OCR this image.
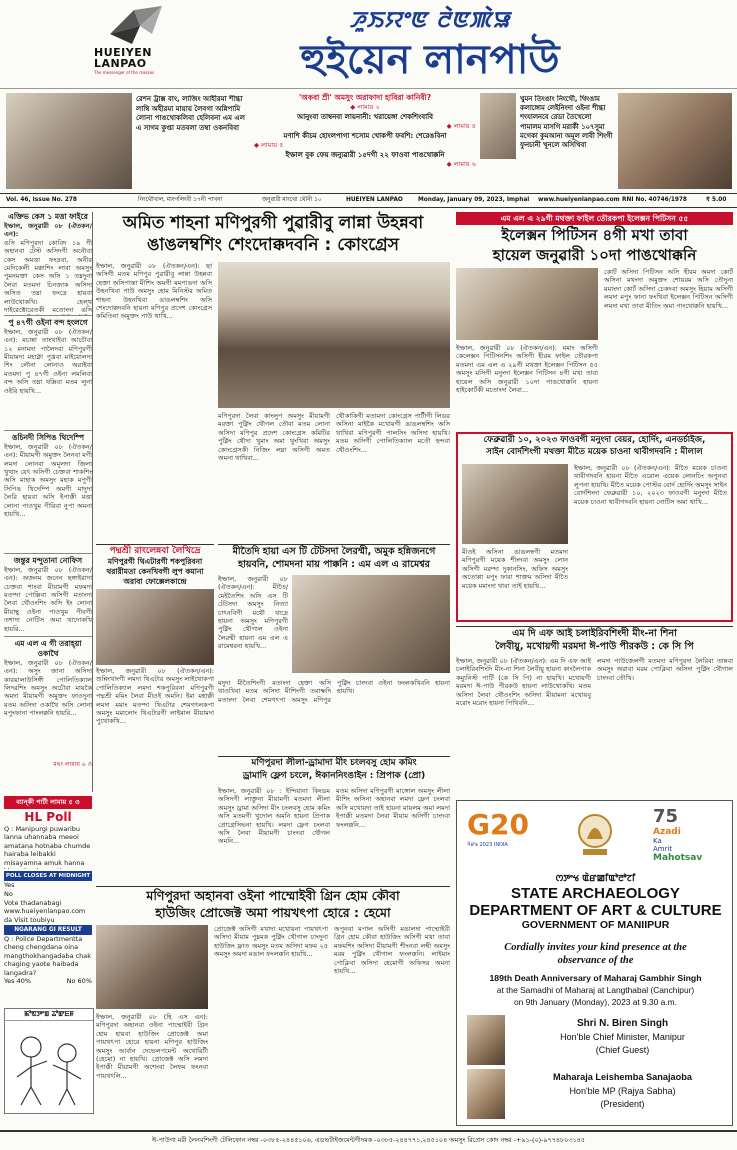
HUEIYEN
LANPAO
The messenger of the masses
ꯍꯨꯏꯌꯦꯟ ꯂꯥꯟꯄꯥꯎ
হুইয়েন লানপাউ
রেশন ট্রাক্স বাং, লাজিং আহীরমা শীগ্ধা লাম্বি অহীরমা মায়ায় লৈবগা অন্নিপামি লোনা পাঙথোকলিবা হেলিবনা এম এল এ সাগম কুপ্তা মতবলা তম্বা ওকনবিবা
'অকবা ম্রী' অমসুং অরাফাদা হাবিরা কানিবী?
◆ লামায় ২
আনুংবা তাম্বনবা লায়নানী: খরায়েঙ্গা শেকশিংবাবি
◆ লামায় ৪
মণাশি কীচম হোংলপাগা শসোম খোকপী ফবশি: শেরেঙবিনা
◆ লামায় ৫
ইম্ফাল বুক ফেয় জন্যুৱারী ১৫দগী ২২ ফাওবা পাঙথোক্কনি
◆ লামায় ৬
খুমন তিংঙাং নিংথৌ, থিংঙাম কলাঙ্গোম লেইনিংদা ওইনা শীগ্ধা শংযালনবে রেডা তৈখেলো পামালম মাসগি মরার্কী ১০৭সুমা মগেকা কুমআনা অমূল লাবী শিংগী ফুনচানী খূনলে অসিখিবা
Vol. 46, Issue No. 278	নিংথৌখাল, মাংগলিংবী ১৭নী পাখনা	জনুৱারী মাংথো থৌনী ১০	HUEIYEN LANPAO	Monday, January 09, 2023, Imphal www.hueiyenlanpao.com RNI No. 40746/1978	₹ 5.00
এক্তিভ কেস ১ মত্তা ফাইরে
ইম্ফাল, জনুৱারী ০৮ (ঐতকন/এন):
ঙসি মণিপুরদা কোবিদ ১৯ গী অহানবা টেস্ট অসিদগী অনৌবা কেস অমত্তা ফংদ্রবা, অনীর মেদিকেলী মক্কাশিং লাবা অমসুং পুমনমক্তা কেস অসি ১ তম্নদুনা লৈবা মতমদা চিনজাক অসিদা অসিত তম্না ফংদ্রে হায়বা লাউথোকখি। হেল্থ দাইরেক্টোরেতকী মতোংদা ঙসি
পু ৪৭গী ওইনা বন্দ হংলগে
ইম্ফাল, জনুৱারী ০৮ (ঐতকন/এন): মচান্না তাংখাইবা আচৌবা ১২ মনামদা পালৈদবা মণিপুরগী মীয়ামদা মহাক্না পুখ্রবা মাইয়োলদা শিং লৌনা লোনাও অরাইবা মতমদা পু ৪৭গী ওইনা লমলিবা বন্দ অসি তম্না থম্লিবা মতম লুনা ওইরি হায়খি...
ঙচিনদী সিপিঙ থিদেম্পি
ইম্ফাল, জনুৱারী ০৮ (ঐতকন/এন): মীয়ামগী অমুক্তং লৈনবা মগী লমদা লোনবা অমূলদা জিলা খুত্থাং যেৎ অসিগী চেক্তবা শাকশিং অসি মাহাক অমসুং মহাক মপুগী সিপিঙ থিদেম্পি অমগী মাদুদা লৈরি হায়বা অসি ইপাক্কী মত্তা লোনা পাওখুম পীরিবা নুপা অমনা হায়খি...
জন্তুর মন্দুতানা নোফিস
ইম্ফাল, জনুৱারী ০৮ (ঐতকন/এন): অজনম জনেন ছঙ্গাইরাদা চেক্তবা শাংবা মীয়ামগী মফমদা মতম্দা পোল্লিবা অসিগী মতাংদা লৈবা থৌওংশিং অসি ইং লোনা মীয়াম্বু ওইনা পাওখুম পীবগী তশাদা নোটিস অমা থাদোকখি হায়রি...
এম এল এ গী তরাহ্য়া ওকাথৈ
ইম্ফাল, জনুৱারী ০৮ (ঐতকন/এন): অসুং জানা অসিদা কারয়ালাউসিঙ্গী পোলিতিক্যাল লিদরশিং অমসুং অচৌবা মায়কৈ অমদা মীয়ামগী অমুক্তং ফাওদুনা মতম অসিদা ওকাথৈ অসি লোনা মপুংফানা পাংলক্কনি হায়রি...
মথং লামায় ৬ ও
ব্যান্কী পাটী লামায় ৫ ও
HL Poll
Q : Manipurgi puwaribu lanna uhannaba meeoi amatana hotnaba chumde hairaba leibakki misayamna amuk hanna
POLL CLOSES AT MIDNIGHT
Yes
No
Vote thadanabagi www.hueiyenlanpao.com da Visit toubiyu
NGARANG GI RESULT
Q : Police Departmentta cheng chengdana oina mangthokhangadaba chak chaging yaote haibada langadra?
Yes 40%	No 60%
ꯃꯣꯟꯇꯦꯡ ꯊꯣꯛꯐꯝ
অমিত শাহনা মণিপুরগী পুৱারীবু লান্না উহন্নবা
ঙাঙলম্বশিং শেংদোক্কদবনি : কোংগ্রেস
ইম্ফাল, জনুৱারী ০৮ (ঐতকন/এন): ছা অসিগী মতম মণিপুর পুৱারীবু লান্না উহন্নবা হেক্তা অসিপাম্তা মীশিং অমগী মমপাঙদা অসি উহনখিবা পাউ অমসুং হোম মিনিস্টর অমিত শাহনা উহনখিবা ঙাঙলম্বশিং অসি শেংদোক্কদবনি হায়না মণিপুর প্রদেশ কোংগ্রেস কমিতিনা অমুক্তং পাউ থাখি...
মণিপুরদা লৈবা কাংলুপ অমসুং মীয়ামগী মরক্তা পুক্নিং থৌগল তৌবা মতম লোনা অসিদা মণিপুর প্রদেশ কোংগ্রেস কমিটির পুক্নিং থৌদা খুমাং অমা থুংখিবা অমসুং কোংগ্রেসকী নিজিং লম্না অসিগী অমত অমনা থাখিবা...
থৌকাকিগী মতামদা কোংগ্রেস পার্টীগী লিডর অসিনা মাইকৈ মখোয়গী ঙাঙলম্বশিং অসি থাখিবা মণিপুরগী পালসিং অসিদা হায়খি। মতম অসিগী পোলিতিক্যাল মতৌ হন্দবা থৌওংশিং...
এম এল এ ২৯গী মথক্তা ফাইল তৌরকপা ইলেক্সন পিটিসন ৫৫
ইলেক্সন পিটিসন ৪গী মখা তাবা
হায়েল জনুৱারী ১০দা পাঙথোক্কনি
ইম্ফাল, জনুৱারী ০৮ (ঐতকন/এন): মমাং অসিগী কেলেক্সন পিটিসনশিং অসিগী হীরম ফাইল তৌরকপা মতমদা এম এল এ ২৯গী মথক্তা ইলেক্সন পিটিসন ৫৫ অমসুং মসিগী মনুংদা ইলেক্সন পিটিসন ৪গী মখা তাবা হায়েল অসি জনুৱারী ১০দা পাঙথোক্কনি হায়না হাইকোর্টকী মতোংদা লৈবা...
কোর্ট অসিদা পিটিসন অসি হীরম অমদা কোর্ট অসিনা মথংদা অমুক্তং শোয়রম অসি তৌদুনা মমাংদা কোর্ট অসিদা চেকদবা অমসুং হিয়াম অসিগী লমদা মপুং ফানা ফংখিবা ইলেক্সন পিটিসন অসিগী লমদা মখা তাবা মীতিং অমা পাংথোক্কনি হায়খি...
পদ্মশ্রী রাংলেন্নবা লৈখিদ্রে
মণিপুরগী থিএটারগী শকপুরিবনা
থরারীমতা কেনখিবগী লুপ কমানা
অরাবা ফোক্সেলকান্দ্রে
ইম্ফাল, জনুৱারী ০৮ (ঐতকন/এন): শুন্নিংখাংগী লমদা থিএটার অমসুং লাইথোকপা পোলিতিক্যাল লমদা শকপুরিবনা মণিপুরগী পদ্মশ্রী মমিং লৈবা মীওই অমনি। ইমা মহাক্কী লমদা মমাং মতম্দা থিএটার শেমগৎলকপা অমসুং মমালোং থিএটারগী লাইমাল মীয়ামদা পুথোকখি...
মীতৈদি হায়া এস টি টেটসদা লৈরম্মী, অমুক হন্নিজনগে
হায়বনি, শোমদনা মায় পাক্কনি : এম এল এ রামেশ্বর
ইম্ফাল, জনুৱারী ০৮ (ঐতকন/এন): মীতৈ/মেইতৈশিং অসি এস টি টেটসদা অমসুং নিত্যা চাৎনবিগী মথৌ থাদ্রে হায়না অমসুং মণিপুরগী পুক্নিং থৌগাল ওইনা লৈরম্মী হায়না এম এল এ রামেশ্বরনা হায়খি...
মদুদা মীতৈশিংগী মতাংদা হেক্তা অসি থাওখিবা মতম অসিদা মীশিংগী তরাক্ষদি মতাংদা লৈবা শেমগৎপা অমসুং মণিপুর পুক্নিং চাংদবা ওইনা ফংলকখিবনি হায়না হায়খি।
ফেব্রুৱারী ১০, ২০২৩ ফাওবগী মনুংদা বেয়র, হোর্দিং, এনডর্চাইজ,
সাইন বোর্দশিংগী মথক্তা মীতৈ ময়েক চাওনা থাবীগদবনি : মীলাল
ইম্ফাল, জনুৱারী ০৮ (ঐতকন/এন): মীতৈ ময়েক চাওনা থাবীগদবনি হায়না মীতৈ এরোল এয়েক লোনচিং অপুনবা লুপনা হায়খি। মীতৈ ময়েক পোস্টর বোর্দ হোর্দিং অমসুং সাইন বোর্দশিংদা ফেব্রুৱারী ১০, ২০২৩ ফাওবগী মনুংদা মীতৈ ময়েক চাওনা থাবীগদবনি হায়না নোটিস অমা থাখি...
মীওই অসিনা ঙাঙলম্বগী মতমদা মণিপুরগী ময়েক শীংদবা অমসুং লোন অসিগী মরম্দা দুকানসিং, অফিস অমসুং অতোপ্পা মপুং ফাবা শাক্তম অসিদা মীতৈ ময়েক মমাংদা থাবা তাই হায়খি...
মণিপুরদা লীলা-ড্রামাদা মীং চংলবসু হোম কমিং
ড্রামাদি ফ্লেগ চংলে, ঈকাননিংঙাইন : প্রিপাক (প্রো)
ইম্ফাল, জনুৱারী ০৮ : ইন্দিয়ানা কিংডম অসিদগী লাক্তুনা মীয়ামগী মতমদা লীলা অমসুং ড্রামা অসিদা মীং চংলবসু হোম কমিং অসি মতমগী খুদোল অমনি হায়না প্রিপাক প্রোগ্রেসিভনা হায়খি। লমদা ফ্লেগ চংলবা অসি লৈবা মীয়ামগী চাংদবা থৌগল অমনি...
মতম অসিদা মণিপুরগী মাঙ্গোল অমসুং লীলা মীশিং অসিনা অহানবা লমদা ফ্লেগ চংলবা অসি মখোয়দা তাই হায়না মায়লম অমা লমদা ইপাক্কী মতমদা লৈবা মীয়াম অসিগী চাংদবা ফংলক্কনি...
এম দি এফ আই চলাইরিবশিংদী মীং-না শিনা
লৈবীয়ু, মখোয়গী মরমদা ঈ-পাউ পীরকউ : কে সি পি
ইম্ফাল, জনুৱারী ০৮ (ঐতকন/এন): এম দি এফ আই চলাইরিবশিংদি মীং-না শিনা লৈবীয়ু হায়না কাংলৈপাক কম্যুনিস্ট পার্টি (কে সি পি) না হায়খি। মখোয়গী মরমদা ঈ-পাউ পীরকউ হায়না লাউথোকখি। মতম অসিদা লৈবা থৌওংশিং অসিদা মীয়ামনা মখোয়বু মরোং মরোং হায়না পিখিবনি...
লমদা পাউজেলগী মতমদা মণিপুরদা লৈরিবা তান্নবা অমসুং অরাবা মরম পোক্লিবা অসিদা পুক্নিং থৌগাল চাংদবা তৌখি।
মণিপুরদা অহানবা ওইনা পাম্মোইবী গ্রিন হোম কৌবা
হাউজিং প্রোজেক্ট অমা পায়খৎপা হোরে : হেমো
ইম্ফাল, জনুৱারী ০৮ (হি এস এন): মণিপুরদা অহানবা ওইনা পাম্মোইবী গ্রিন হোম হায়বা হাউজিং প্রোজেক্ট অমা পায়খৎপা হোরে হায়না মণিপুর হাউজিং অমসুং আর্বান দেভেলপমেন্ট অথোরিটী (হেমো) না হায়খি। প্রোজেক্ট অসি লমদা ইপাক্কী মীয়ামগী অশেংবা লৈফম ফংনবা পায়খৎলি...
প্রোজেক্ট অসিগী মখাদা মখোয়না পায়খৎপা অসিদা মীয়াম পুম্নমক পুক্নিং থৌগাল চাংদুনা হাউজিং ফ্লাত অমসুং মতম অসিদা মফম ২৫ অমসুং অমদা মঙাল ফংলক্কনি হায়খি...
অপুনবা মপাল অসিগী মঙালদা পাম্মোইবী গ্রিন হোম কৌবা হাউজিং অসিগী মখা তাবা মফমশিং অসিদা মীয়ামগী শীংনবা লম্বী অমসুং মরম পুক্নিং থৌগাল ফংলক্কনি। লাইমাং পোক্লিবা অসিদা হেমোগী অফিসর অমনা হায়খি...
G20
ꯚꯥꯔꯠ 2023 INDIA
75
Azadi
Ka
Amrit
Mahotsav
ꯁꯇꯦꯠ ꯑꯥꯔꯀꯤꯑꯣꯂꯣꯖꯤ
STATE ARCHAEOLOGY
DEPARTMENT OF ART & CULTURE
GOVERNMENT OF MANIIPUR
Cordially invites your kind presence at the
observance of the
189th Death Anniversary of Maharaj Gambhir Singh
at the Samadhi of Maharaj at Langthabal (Canchipur)
on 9th January (Monday), 2023 at 9.30 a.m.
Shri N. Biren Singh
Hon'ble Chief Minister, Manipur
(Chief Guest)
Maharaja Leishemba Sanajaoba
Hon'ble MP (Rajya Sabha)
(President)
ঈ-পাউগা মরী লৈনবশিংগী টেলিফোন নম্বর -০৩৮৫-২৪৪৫১০৬, এডভর্টাইজমেন্টগীদমক -০৩৮৫-২৪৪৭৭১,২৪৫১০৪ অমসুং রিপ্রেস কোদ নম্বর -+৯১-(০)-৯৭৭৪৮০৩১৪৫
